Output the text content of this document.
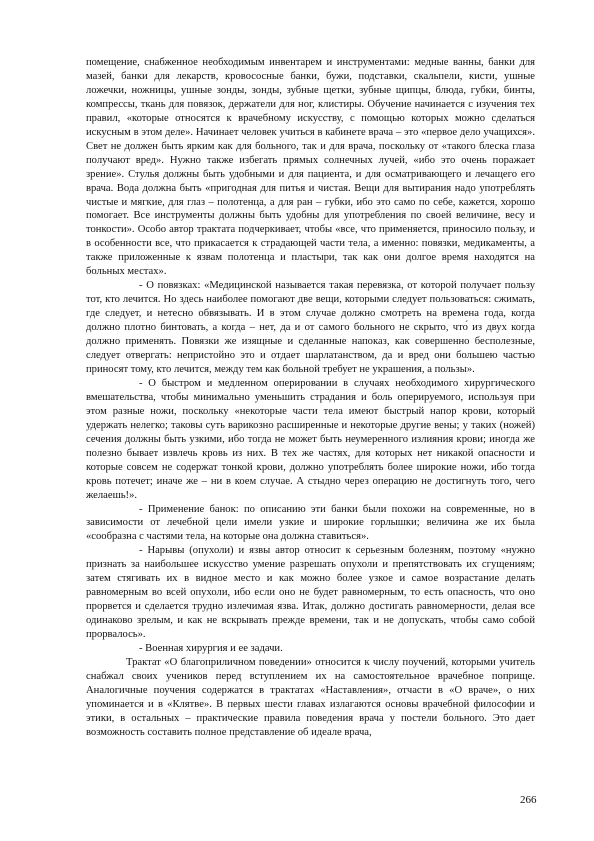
помещение, снабженное необходимым инвентарем и инструментами: медные ванны, банки для мазей, банки для лекарств, кровососные банки, бужи, подставки, скальпели, кисти, ушные ложечки, ножницы, ушные зонды, зонды, зубные щетки, зубные щипцы, блюда, губки, бинты, компрессы, ткань для повязок, держатели для ног, клистиры. Обучение начинается с изучения тех правил, «которые относятся к врачебному искусству, с помощью которых можно сделаться искусным в этом деле». Начинает человек учиться в кабинете врача – это «первое дело учащихся». Свет не должен быть ярким как для больного, так и для врача, поскольку от «такого блеска глаза получают вред». Нужно также избегать прямых солнечных лучей, «ибо это очень поражает зрение». Стулья должны быть удобными и для пациента, и для осматривающего и лечащего его врача. Вода должна быть «пригодная для питья и чистая. Вещи для вытирания надо употреблять чистые и мягкие, для глаз – полотенца, а для ран – губки, ибо это само по себе, кажется, хорошо помогает. Все инструменты должны быть удобны для употребления по своей величине, весу и тонкости». Особо автор трактата подчеркивает, чтобы «все, что применяется, приносило пользу, и в особенности все, что прикасается к страдающей части тела, а именно: повязки, медикаменты, а также приложенные к язвам полотенца и пластыри, так как они долгое время находятся на больных местах».

- О повязках: «Медицинской называется такая перевязка, от которой получает пользу тот, кто лечится. Но здесь наиболее помогают две вещи, которыми следует пользоваться: сжимать, где следует, и нетесно обвязывать. И в этом случае должно смотреть на времена года, когда должно плотно бинтовать, а когда – нет, да и от самого больного не скрыто, что́ из двух когда должно применять. Повязки же изящные и сделанные напоказ, как совершенно бесполезные, следует отвергать: непристойно это и отдает шарлатанством, да и вред они большею частью приносят тому, кто лечится, между тем как больной требует не украшения, а пользы».

- О быстром и медленном оперировании в случаях необходимого хирургического вмешательства, чтобы минимально уменьшить страдания и боль оперируемого, используя при этом разные ножи, поскольку «некоторые части тела имеют быстрый напор крови, который удержать нелегко; таковы суть варикозно расширенные и некоторые другие вены; у таких (ножей) сечения должны быть узкими, ибо тогда не может быть неумеренного излияния крови; иногда же полезно бывает извлечь кровь из них. В тех же частях, для которых нет никакой опасности и которые совсем не содержат тонкой крови, должно употреблять более широкие ножи, ибо тогда кровь потечет; иначе же – ни в коем случае. А стыдно через операцию не достигнуть того, чего желаешь!».

- Применение банок: по описанию эти банки были похожи на современные, но в зависимости от лечебной цели имели узкие и широкие горлышки; величина же их была «сообразна с частями тела, на которые она должна ставиться».

- Нарывы (опухоли) и язвы автор относит к серьезным болезням, поэтому «нужно признать за наибольшее искусство умение разрешать опухоли и препятствовать их сгущениям; затем стягивать их в видное место и как можно более узкое и самое возрастание делать равномерным во всей опухоли, ибо если оно не будет равномерным, то есть опасность, что оно прорвется и сделается трудно излечимая язва. Итак, должно достигать равномерности, делая все одинаково зрелым, и как не вскрывать прежде времени, так и не допускать, чтобы само собой прорвалось».

- Военная хирургия и ее задачи.

Трактат «О благоприличном поведении» относится к числу поучений, которыми учитель снабжал своих учеников перед вступлением их на самостоятельное врачебное поприще. Аналогичные поучения содержатся в трактатах «Наставления», отчасти в «О враче», о них упоминается и в «Клятве». В первых шести главах излагаются основы врачебной философии и этики, в остальных – практические правила поведения врача у постели больного. Это дает возможность составить полное представление об идеале врача,

266
